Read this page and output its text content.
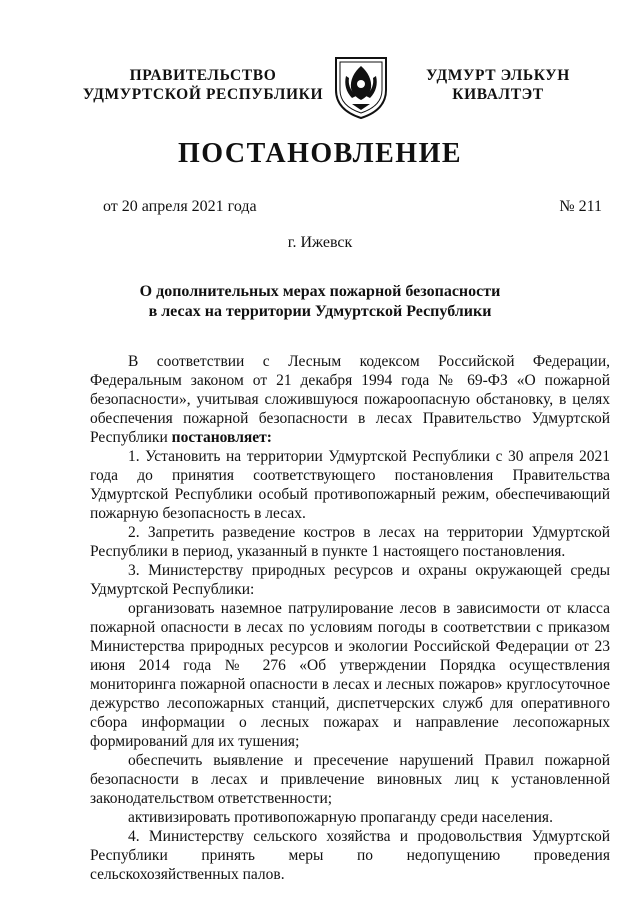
ПРАВИТЕЛЬСТВО
УДМУРТСКОЙ РЕСПУБЛИКИ
УДМУРТ ЭЛЬКУН
КИВАЛТЭТ
ПОСТАНОВЛЕНИЕ
от 20 апреля 2021 года	№ 211
г. Ижевск
О дополнительных мерах пожарной безопасности
в лесах на территории Удмуртской Республики

В соответствии с Лесным кодексом Российской Федерации, Федеральным законом от 21 декабря 1994 года № 69-ФЗ «О пожарной безопасности», учитывая сложившуюся пожароопасную обстановку, в целях обеспечения пожарной безопасности в лесах Правительство Удмуртской Республики постановляет:

1. Установить на территории Удмуртской Республики с 30 апреля 2021 года до принятия соответствующего постановления Правительства Удмуртской Республики особый противопожарный режим, обеспечивающий пожарную безопасность в лесах.

2. Запретить разведение костров в лесах на территории Удмуртской Республики в период, указанный в пункте 1 настоящего постановления.

3. Министерству природных ресурсов и охраны окружающей среды Удмуртской Республики:

организовать наземное патрулирование лесов в зависимости от класса пожарной опасности в лесах по условиям погоды в соответствии с приказом Министерства природных ресурсов и экологии Российской Федерации от 23 июня 2014 года № 276 «Об утверждении Порядка осуществления мониторинга пожарной опасности в лесах и лесных пожаров» круглосуточное дежурство лесопожарных станций, диспетчерских служб для оперативного сбора информации о лесных пожарах и направление лесопожарных формирований для их тушения;

обеспечить выявление и пресечение нарушений Правил пожарной безопасности в лесах и привлечение виновных лиц к установленной законодательством ответственности;

активизировать противопожарную пропаганду среди населения.

4. Министерству сельского хозяйства и продовольствия Удмуртской Республики принять меры по недопущению проведения сельскохозяйственных палов.
